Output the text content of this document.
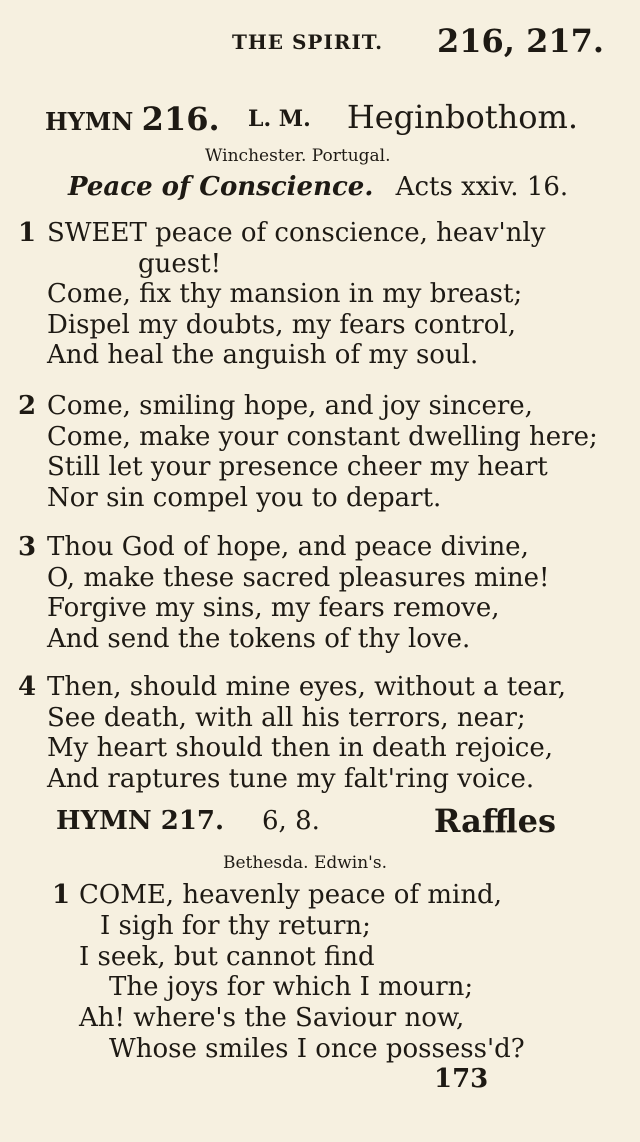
THE SPIRIT. 216, 217.
HYMN 216. L. M. Heginbothom.
Winchester. Portugal.
Peace of Conscience. Acts xxiv. 16.
1 SWEET peace of conscience, heav'nly
guest!
Come, fix thy mansion in my breast;
Dispel my doubts, my fears control,
And heal the anguish of my soul.
2 Come, smiling hope, and joy sincere,
Come, make your constant dwelling here;
Still let your presence cheer my heart
Nor sin compel you to depart.
3 Thou God of hope, and peace divine,
O, make these sacred pleasures mine!
Forgive my sins, my fears remove,
And send the tokens of thy love.
4 Then, should mine eyes, without a tear,
See death, with all his terrors, near;
My heart should then in death rejoice,
And raptures tune my falt'ring voice.
HYMN 217. 6, 8.	Raffles
Bethesda. Edwin's.
1 COME, heavenly peace of mind,
I sigh for thy return;
I seek, but cannot find
The joys for which I mourn;
Ah! where's the Saviour now,
Whose smiles I once possess'd?
173
